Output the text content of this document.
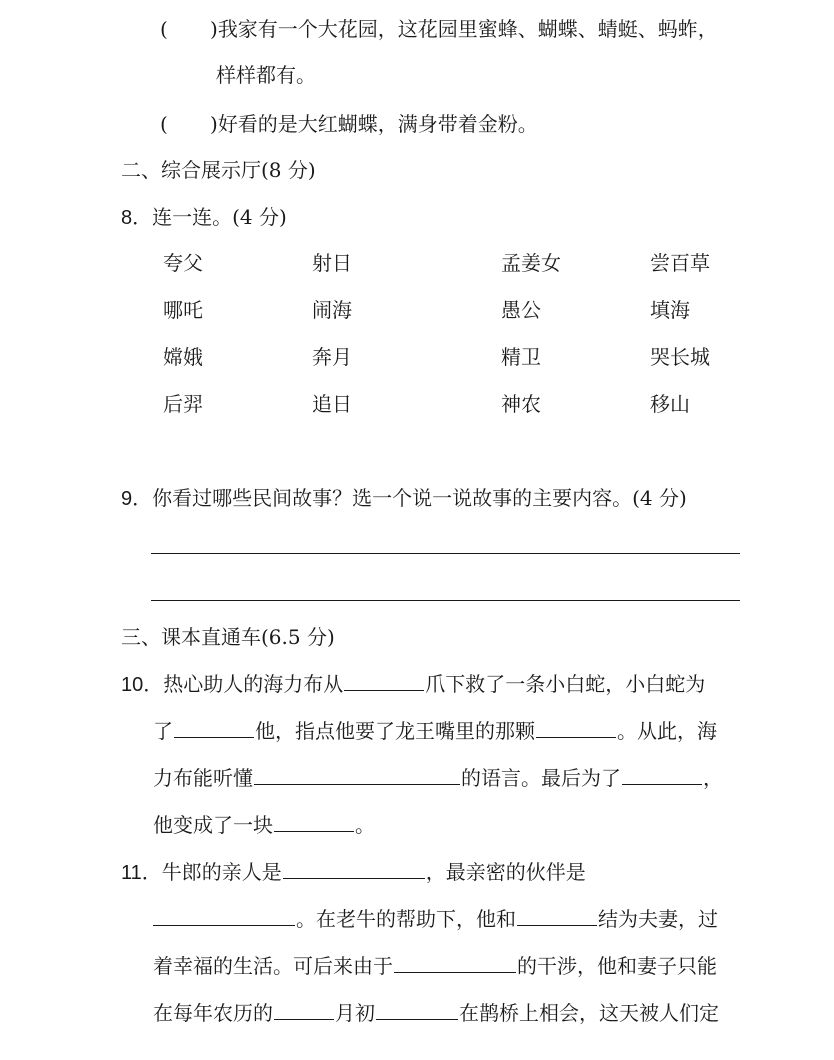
( )我家有一个大花园，这花园里蜜蜂、蝴蝶、蜻蜓、蚂蚱，
样样都有。
( )好看的是大红蝴蝶，满身带着金粉。
二、综合展示厅(8 分)
8．连一连。(4 分)
夸父	射日	孟姜女	尝百草
哪吒	闹海	愚公	填海
嫦娥	奔月	精卫	哭长城
后羿	追日	神农	移山
9．你看过哪些民间故事？选一个说一说故事的主要内容。(4 分)
三、课本直通车(6.5 分)
10．热心助人的海力布从	爪下救了一条小白蛇，小白蛇为
了	他，指点他要了龙王嘴里的那颗	。从此，海
力布能听懂	的语言。最后为了	，
他变成了一块	。
11．牛郎的亲人是	，最亲密的伙伴是
。在老牛的帮助下，他和	结为夫妻，过
着幸福的生活。可后来由于	的干涉，他和妻子只能
在每年农历的	月初	在鹊桥上相会，这天被人们定
